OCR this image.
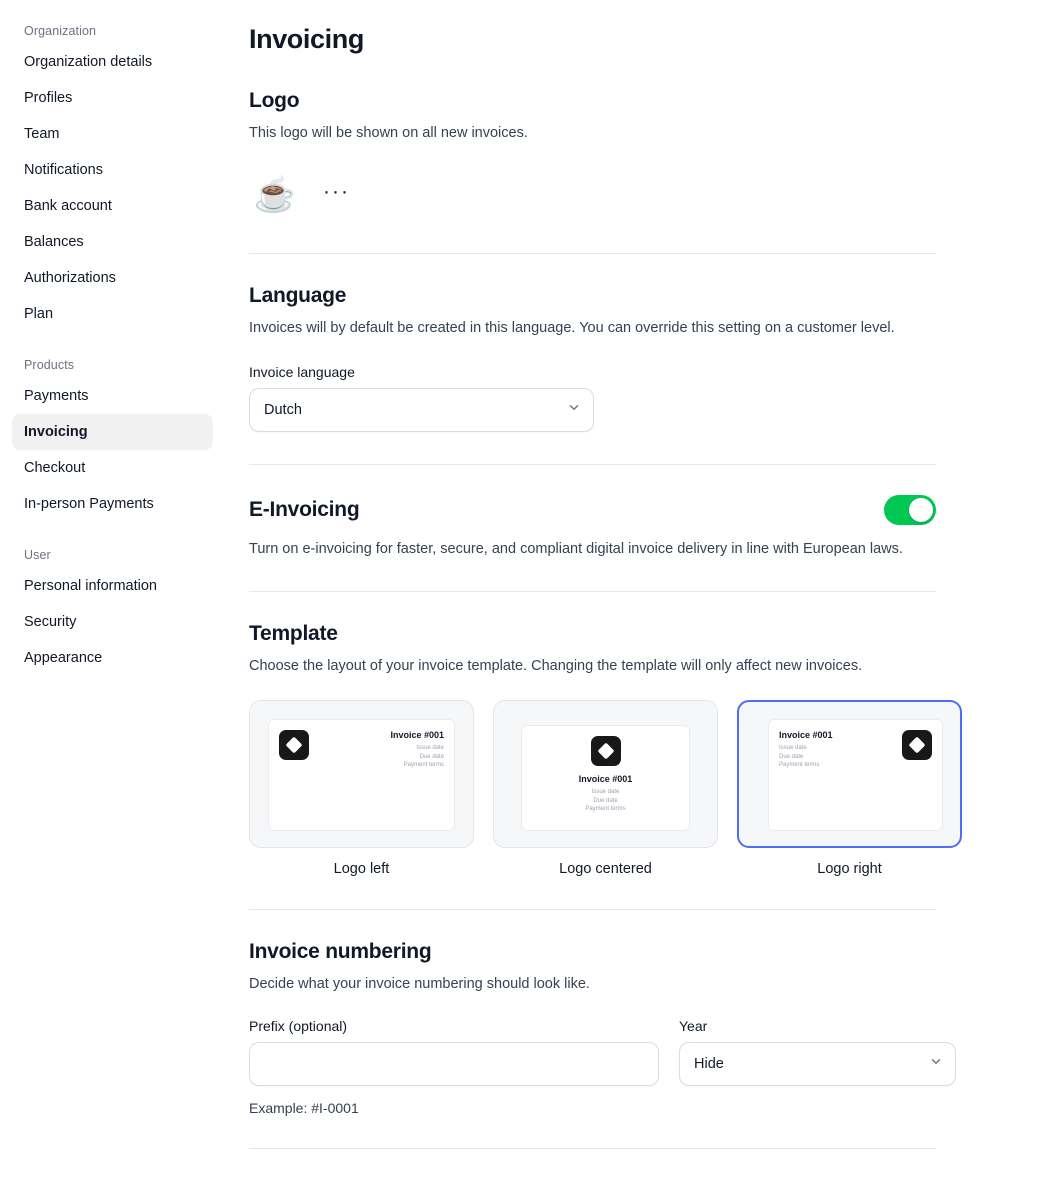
Organization
Organization details
Profiles
Team
Notifications
Bank account
Balances
Authorizations
Plan
Products
Payments
Invoicing
Checkout
In-person Payments
User
Personal information
Security
Appearance
Invoicing
Logo

This logo will be shown on all new invoices.

☕ ···
Language

Invoices will by default be created in this language. You can override this setting on a customer level.

Invoice language
Dutch
E-Invoicing

Turn on e-invoicing for faster, secure, and compliant digital invoice delivery in line with European laws.

Template

Choose the layout of your invoice template. Changing the template will only affect new invoices.

Invoice #001
Issue date
Due date
Payment terms
Logo left
Invoice #001
Issue date
Due date
Payment terms
Logo centered
Invoice #001
Issue date
Due date
Payment terms
Logo right
Invoice numbering

Decide what your invoice numbering should look like.

Prefix (optional)	Year
Hide
Example: #I-0001
